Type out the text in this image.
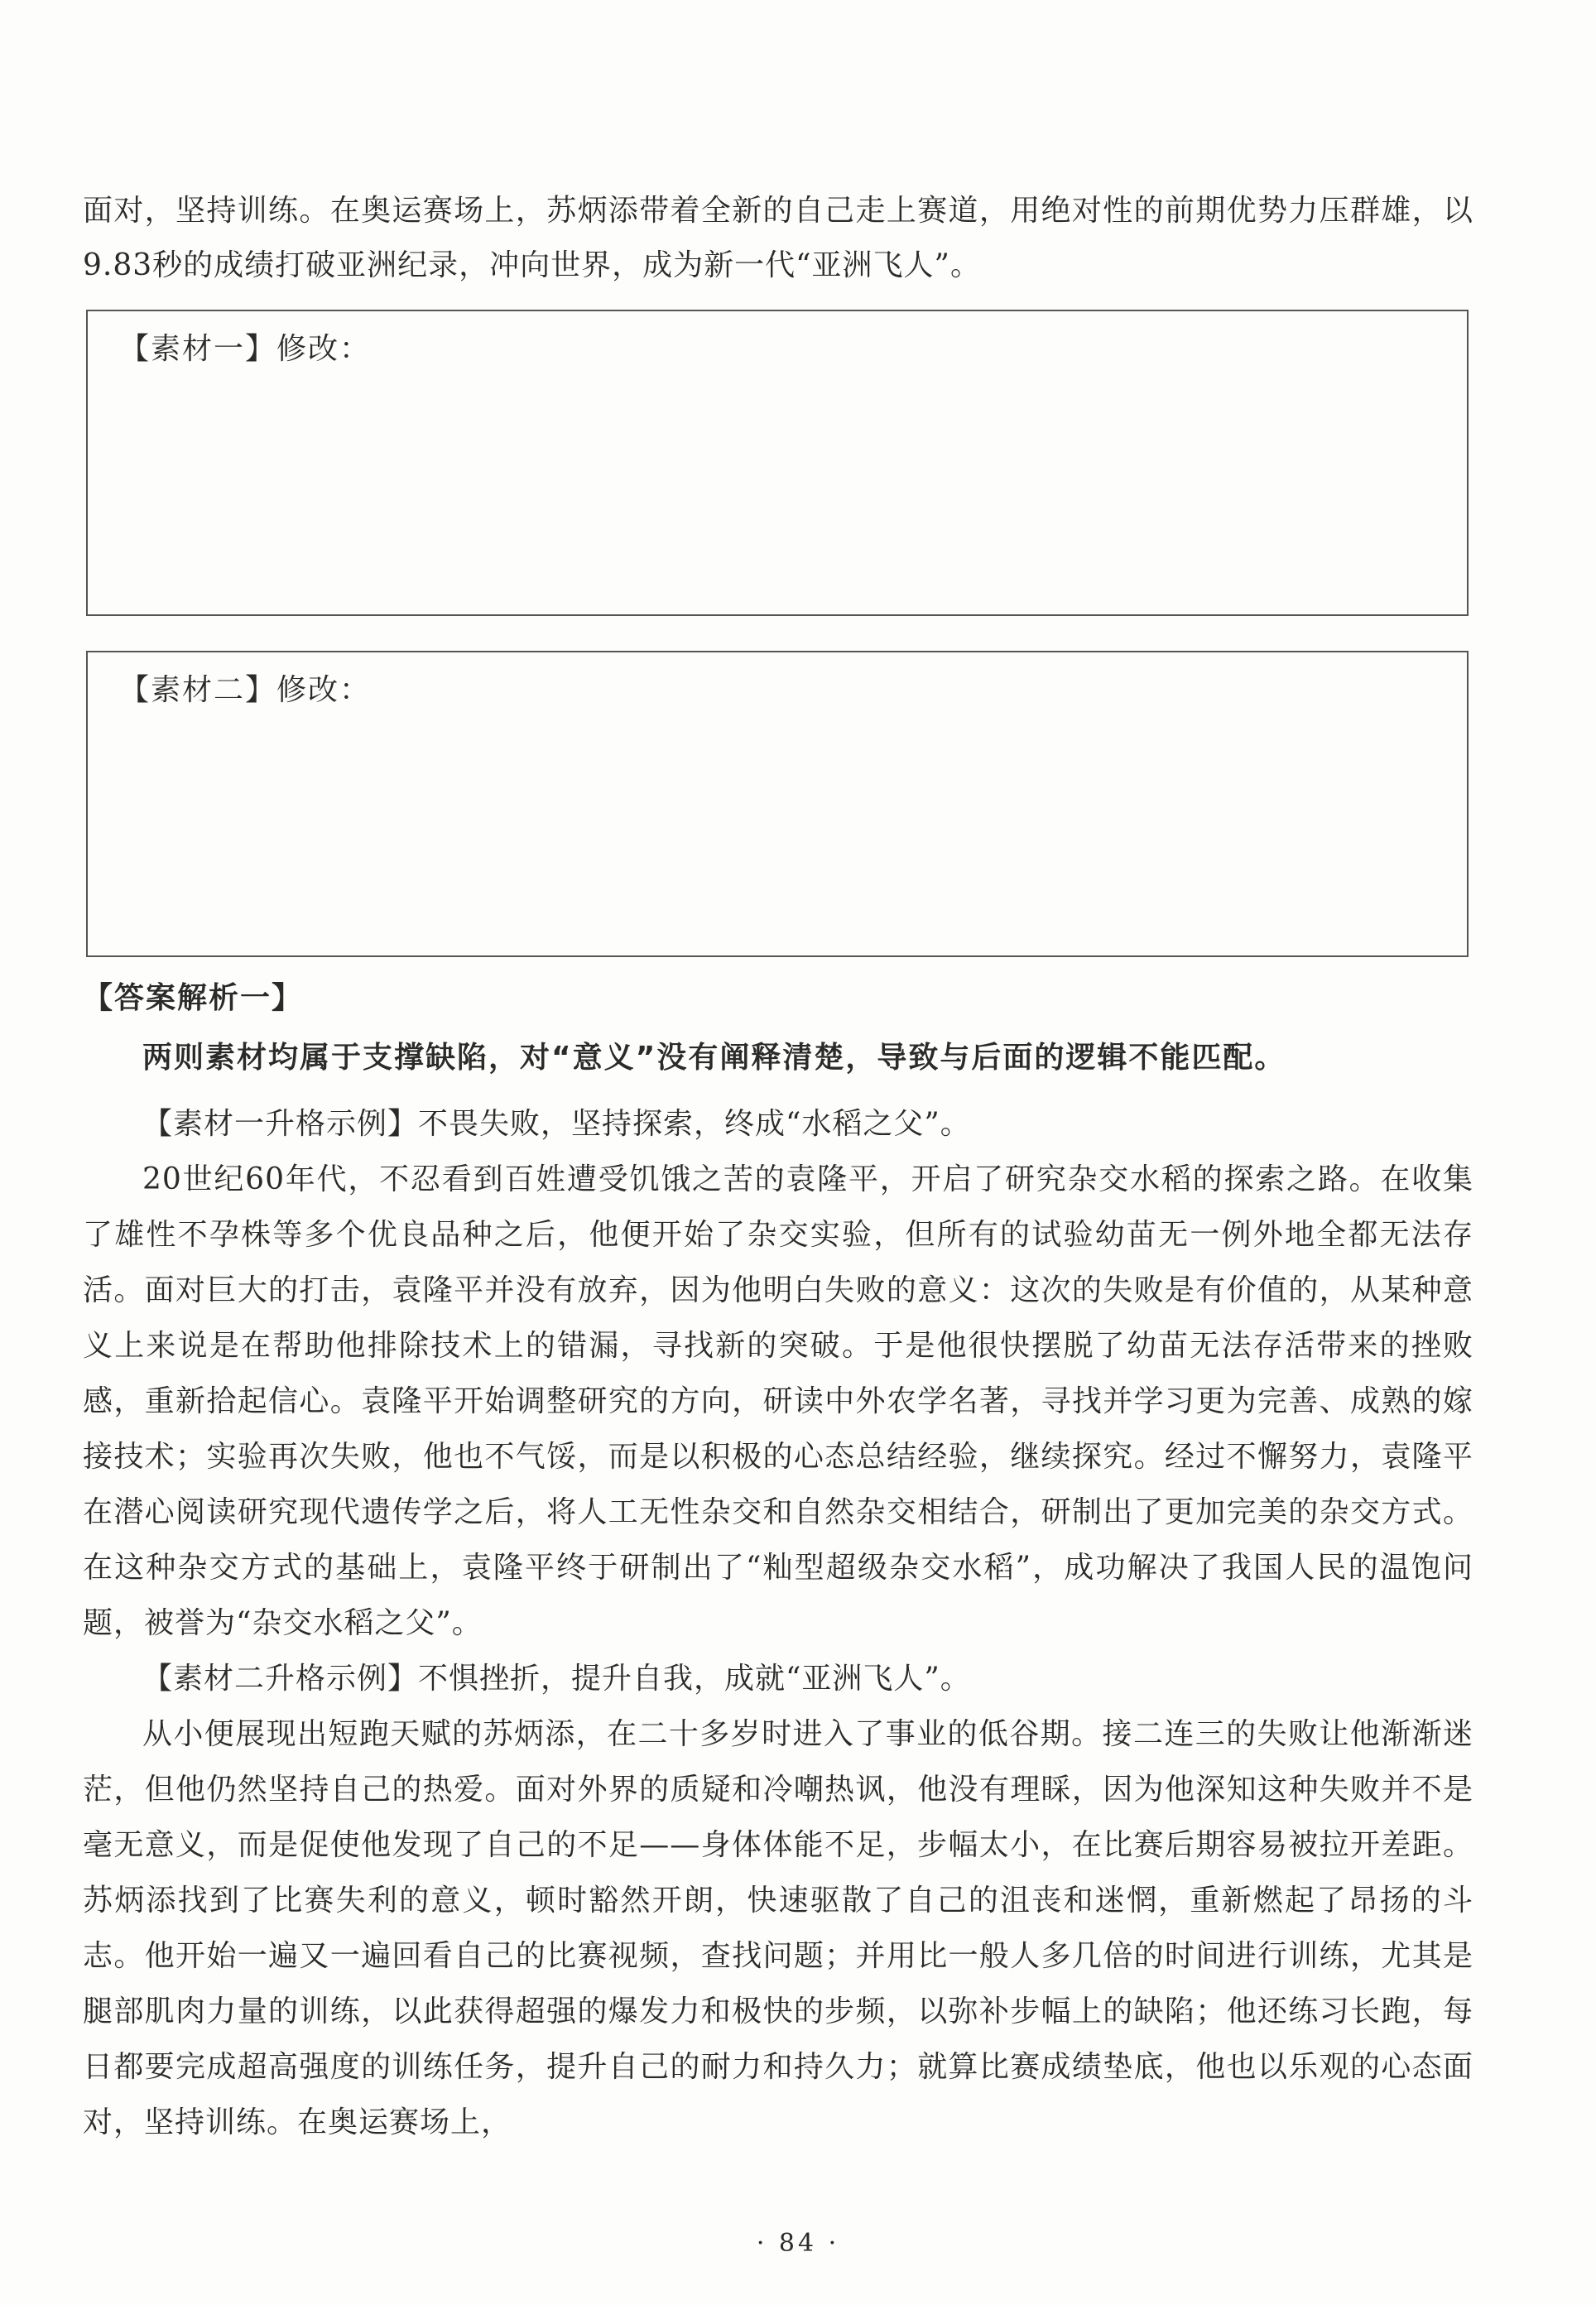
面对，坚持训练。在奥运赛场上，苏炳添带着全新的自己走上赛道，用绝对性的前期优势力压群雄，以9.83秒的成绩打破亚洲纪录，冲向世界，成为新一代“亚洲飞人”。

【素材一】修改：
【素材二】修改：
【答案解析一】
两则素材均属于支撑缺陷，对“意义”没有阐释清楚，导致与后面的逻辑不能匹配。

【素材一升格示例】不畏失败，坚持探索，终成“水稻之父”。

20世纪60年代，不忍看到百姓遭受饥饿之苦的袁隆平，开启了研究杂交水稻的探索之路。在收集了雄性不孕株等多个优良品种之后，他便开始了杂交实验，但所有的试验幼苗无一例外地全都无法存活。面对巨大的打击，袁隆平并没有放弃，因为他明白失败的意义：这次的失败是有价值的，从某种意义上来说是在帮助他排除技术上的错漏，寻找新的突破。于是他很快摆脱了幼苗无法存活带来的挫败感，重新拾起信心。袁隆平开始调整研究的方向，研读中外农学名著，寻找并学习更为完善、成熟的嫁接技术；实验再次失败，他也不气馁，而是以积极的心态总结经验，继续探究。经过不懈努力，袁隆平在潜心阅读研究现代遗传学之后，将人工无性杂交和自然杂交相结合，研制出了更加完美的杂交方式。在这种杂交方式的基础上，袁隆平终于研制出了“籼型超级杂交水稻”，成功解决了我国人民的温饱问题，被誉为“杂交水稻之父”。

【素材二升格示例】不惧挫折，提升自我，成就“亚洲飞人”。

从小便展现出短跑天赋的苏炳添，在二十多岁时进入了事业的低谷期。接二连三的失败让他渐渐迷茫，但他仍然坚持自己的热爱。面对外界的质疑和冷嘲热讽，他没有理睬，因为他深知这种失败并不是毫无意义，而是促使他发现了自己的不足——身体体能不足，步幅太小，在比赛后期容易被拉开差距。苏炳添找到了比赛失利的意义，顿时豁然开朗，快速驱散了自己的沮丧和迷惘，重新燃起了昂扬的斗志。他开始一遍又一遍回看自己的比赛视频，查找问题；并用比一般人多几倍的时间进行训练，尤其是腿部肌肉力量的训练，以此获得超强的爆发力和极快的步频，以弥补步幅上的缺陷；他还练习长跑，每日都要完成超高强度的训练任务，提升自己的耐力和持久力；就算比赛成绩垫底，他也以乐观的心态面对，坚持训练。在奥运赛场上，

· 84 ·
